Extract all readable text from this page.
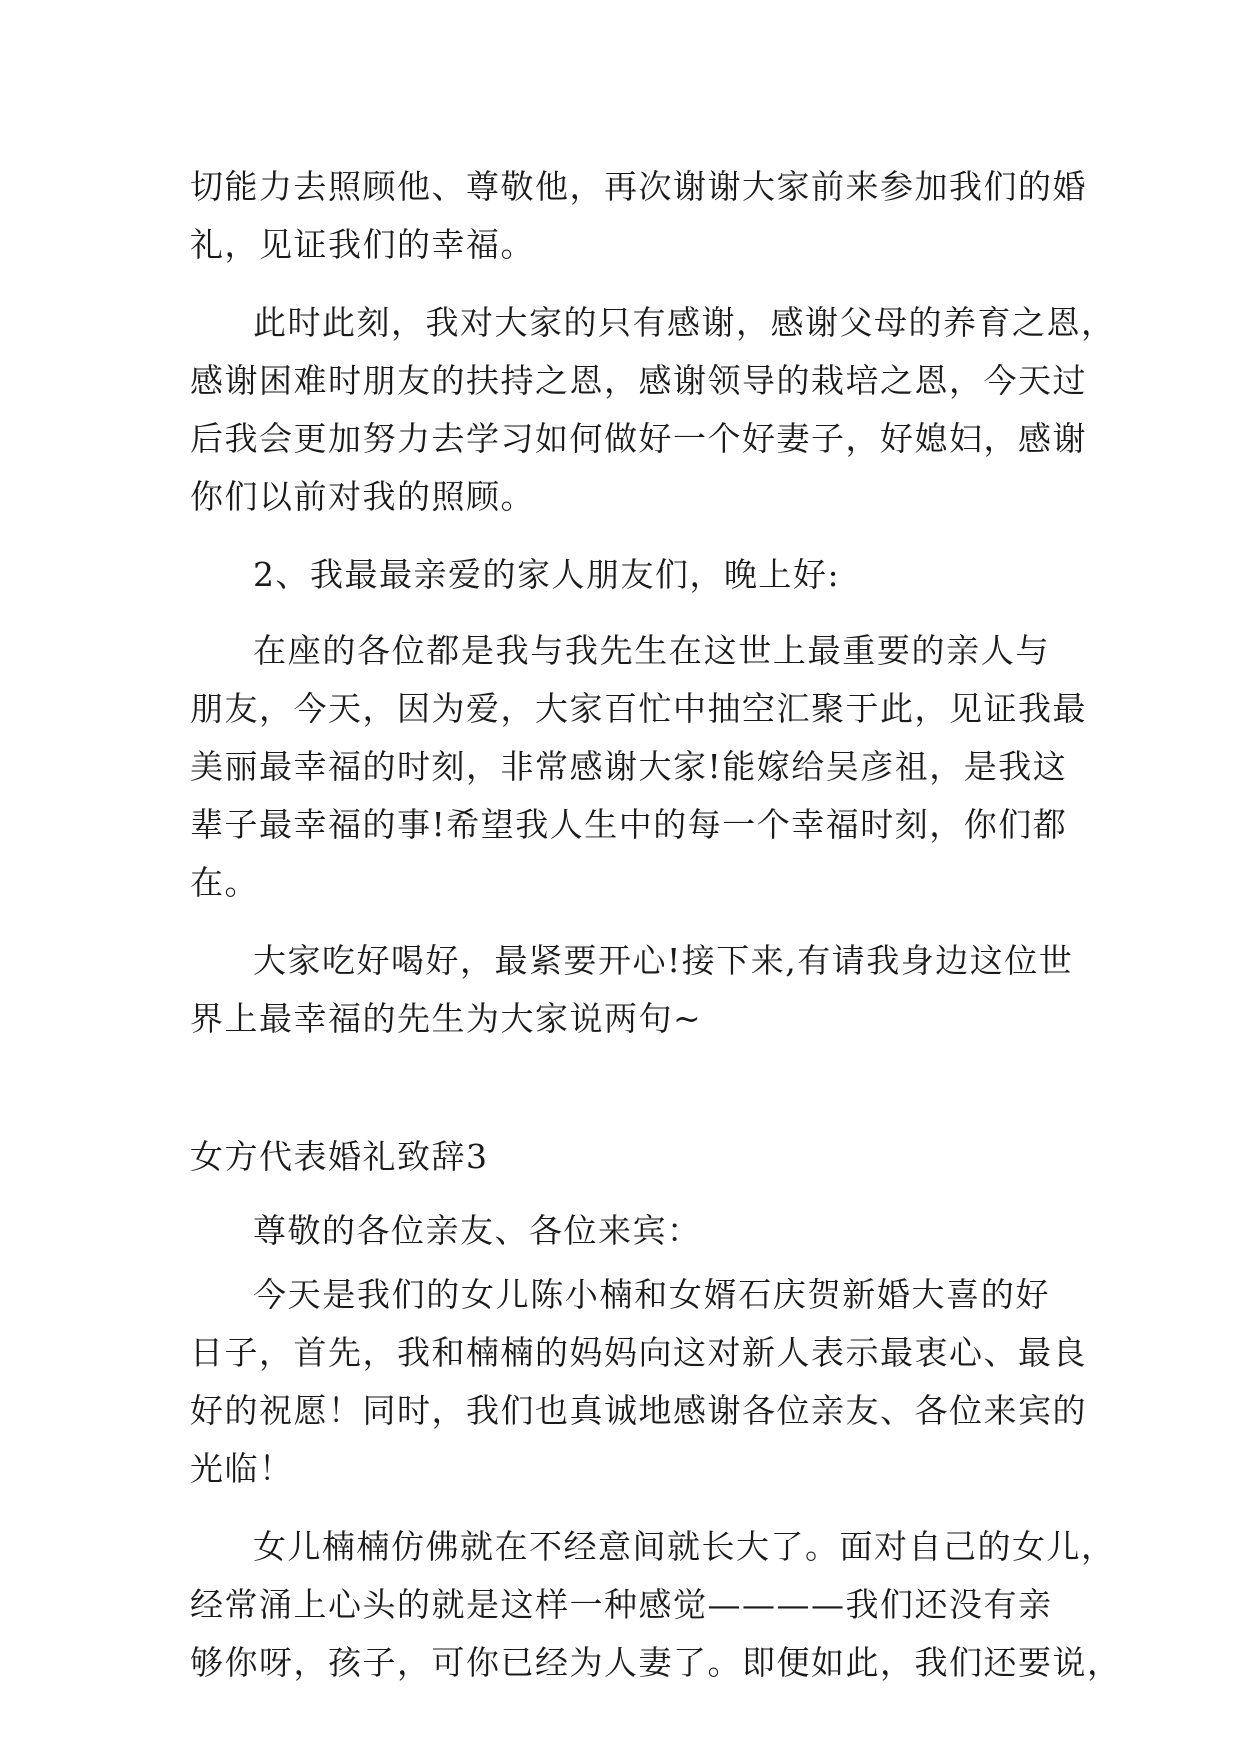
切能力去照顾他、尊敬他，再次谢谢大家前来参加我们的婚
礼，见证我们的幸福。
此时此刻，我对大家的只有感谢，感谢父母的养育之恩，
感谢困难时朋友的扶持之恩，感谢领导的栽培之恩，今天过
后我会更加努力去学习如何做好一个好妻子，好媳妇，感谢
你们以前对我的照顾。
2、我最最亲爱的家人朋友们，晚上好:
在座的各位都是我与我先生在这世上最重要的亲人与
朋友，今天，因为爱，大家百忙中抽空汇聚于此，见证我最
美丽最幸福的时刻，非常感谢大家!能嫁给吴彦祖，是我这
辈子最幸福的事!希望我人生中的每一个幸福时刻，你们都
在。
大家吃好喝好，最紧要开心!接下来,有请我身边这位世
界上最幸福的先生为大家说两句~
女方代表婚礼致辞3
尊敬的各位亲友、各位来宾：
今天是我们的女儿陈小楠和女婿石庆贺新婚大喜的好
日子，首先，我和楠楠的妈妈向这对新人表示最衷心、最良
好的祝愿！同时，我们也真诚地感谢各位亲友、各位来宾的
光临！
女儿楠楠仿佛就在不经意间就长大了。面对自己的女儿，
经常涌上心头的就是这样一种感觉————我们还没有亲
够你呀，孩子，可你已经为人妻了。即便如此，我们还要说，
